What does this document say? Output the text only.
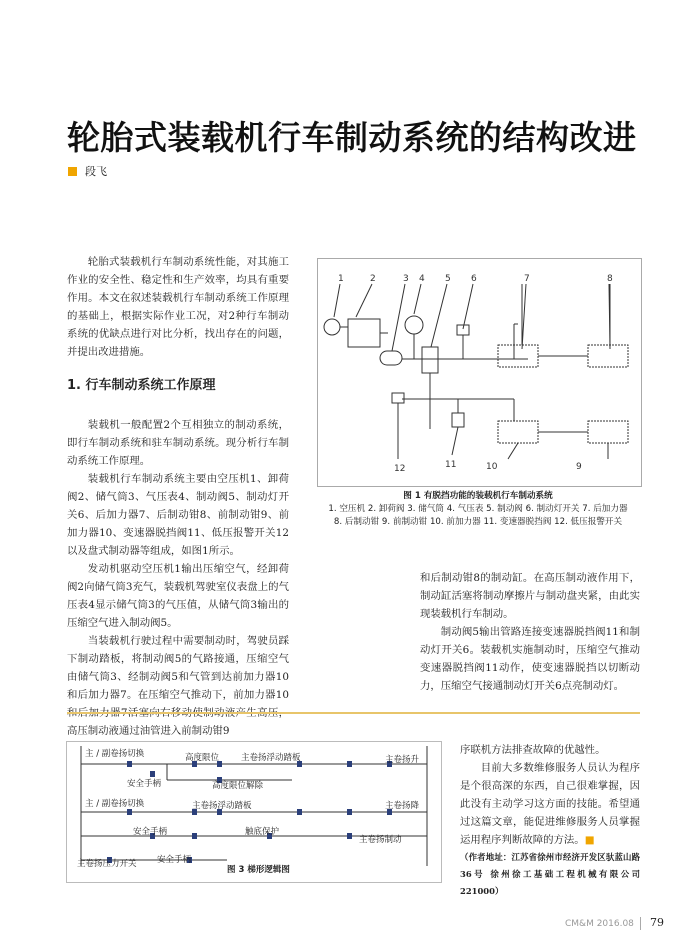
轮胎式装载机行车制动系统的结构改进
段飞

轮胎式装载机行车制动系统性能，对其施工作业的安全性、稳定性和生产效率，均具有重要作用。本文在叙述装载机行车制动系统工作原理的基础上，根据实际作业工况，对2种行车制动系统的优缺点进行对比分析，找出存在的问题，并提出改进措施。

1. 行车制动系统工作原理

装载机一般配置2个互相独立的制动系统，即行车制动系统和驻车制动系统。现分析行车制动系统工作原理。

装载机行车制动系统主要由空压机1、卸荷阀2、储气筒3、气压表4、制动阀5、制动灯开关6、后加力器7、后制动钳8、前制动钳9、前加力器10、变速器脱挡阀11、低压报警开关12以及盘式制动器等组成，如图1所示。

发动机驱动空压机1输出压缩空气，经卸荷阀2向储气筒3充气，装载机驾驶室仪表盘上的气压表4显示储气筒3的气压值，从储气筒3输出的压缩空气进入制动阀5。

当装载机行驶过程中需要制动时，驾驶员踩下制动踏板，将制动阀5的气路接通，压缩空气由储气筒3、经制动阀5和气管到达前加力器10和后加力器7。在压缩空气推动下，前加力器10 高压制动液通过油管进入前制动钳9

1	2	3 4 5 6	7	8
12	11	10	9
图 1 有脱挡功能的装载机行车制动系统
1. 空压机 2. 卸荷阀 3. 储气筒 4. 气压表 5. 制动阀 6. 制动灯开关 7. 后加力器
8. 后制动钳 9. 前制动钳 10. 前加力器 11. 变速器脱挡阀 12. 低压报警开关

和后制动钳8的制动缸。在高压制动液作用下，制动缸活塞将制动摩擦片与制动盘夹紧，由此实现装载机行车制动。

制动阀5输出管路连接变速器脱挡阀11和制动灯开关6。装载机实施制动时，压缩空气推动变速器脱挡阀11动作，使变速器脱挡以切断动力，压缩空气接通制动灯开关6点亮制动灯。

主 / 副卷扬切换	高度限位	主卷扬浮动踏板	主卷扬升
安全手柄	高度限位解除
主 / 副卷扬切换	主卷扬浮动踏板	主卷扬降
安全手柄	触底保护
主卷扬制动
主卷扬压力开关 安全手柄
图 3 梯形逻辑图

序联机方法排查故障的优越性。

目前大多数维修服务人员认为程序是个很高深的东西，自己很难掌握，因此没有主动学习这方面的技能。希望通过这篇文章，能促进维修服务人员掌握运用程序判断故障的方法。■

（作者地址：江苏省徐州市经济开发区驮蓝山路36号 徐州徐工基础工程机械有限公司 221000）

CM&M 2016.08 79
